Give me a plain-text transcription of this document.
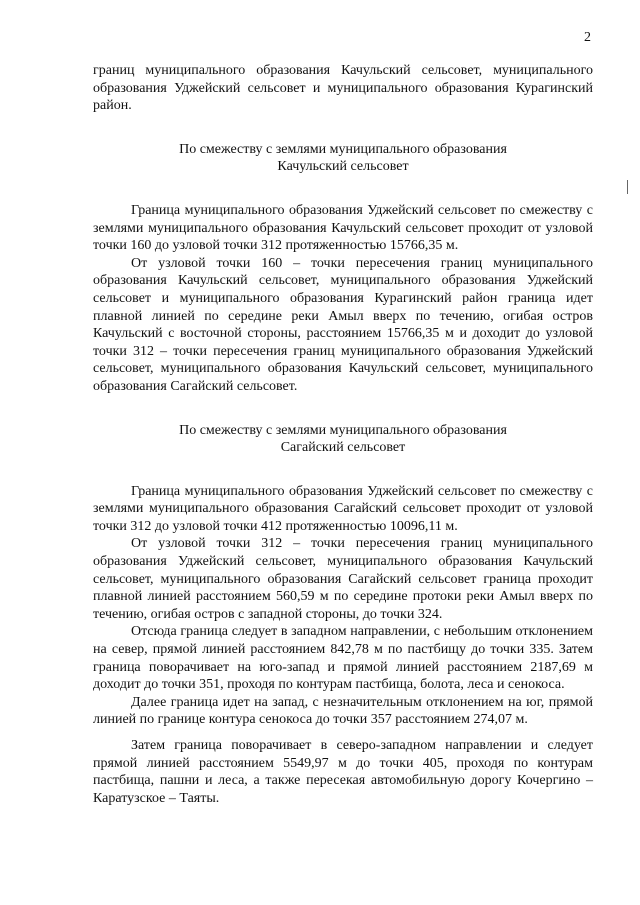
2

границ муниципального образования Качульский сельсовет, муниципального образования Уджейский сельсовет и муниципального образования Курагинский район.

По смежеству с землями муниципального образования

Качульский сельсовет

Граница муниципального образования Уджейский сельсовет по смежеству с землями муниципального образования Качульский сельсовет проходит от узловой точки 160 до узловой точки 312 протяженностью 15766,35 м.

От узловой точки 160 – точки пересечения границ муниципального образования Качульский сельсовет, муниципального образования Уджейский сельсовет и муниципального образования Курагинский район граница идет плавной линией по середине реки Амыл вверх по течению, огибая остров Качульский с восточной стороны, расстоянием 15766,35 м и доходит до узловой точки 312 – точки пересечения границ муниципального образования Уджейский сельсовет, муниципального образования Качульский сельсовет, муниципального образования Сагайский сельсовет.

По смежеству с землями муниципального образования

Сагайский сельсовет

Граница муниципального образования Уджейский сельсовет по смежеству с землями муниципального образования Сагайский сельсовет проходит от узловой точки 312 до узловой точки 412 протяженностью 10096,11 м.

От узловой точки 312 – точки пересечения границ муниципального образования Уджейский сельсовет, муниципального образования Качульский сельсовет, муниципального образования Сагайский сельсовет граница проходит плавной линией расстоянием 560,59 м по середине протоки реки Амыл вверх по течению, огибая остров с западной стороны, до точки 324.

Отсюда граница следует в западном направлении, с небольшим отклонением на север, прямой линией расстоянием 842,78 м по пастбищу до точки 335. Затем граница поворачивает на юго-запад и прямой линией расстоянием 2187,69 м доходит до точки 351, проходя по контурам пастбища, болота, леса и сенокоса.

Далее граница идет на запад, с незначительным отклонением на юг, прямой линией по границе контура сенокоса до точки 357 расстоянием 274,07 м.

Затем граница поворачивает в северо-западном направлении и следует прямой линией расстоянием 5549,97 м до точки 405, проходя по контурам пастбища, пашни и леса, а также пересекая автомобильную дорогу Кочергино – Каратузское – Таяты.
